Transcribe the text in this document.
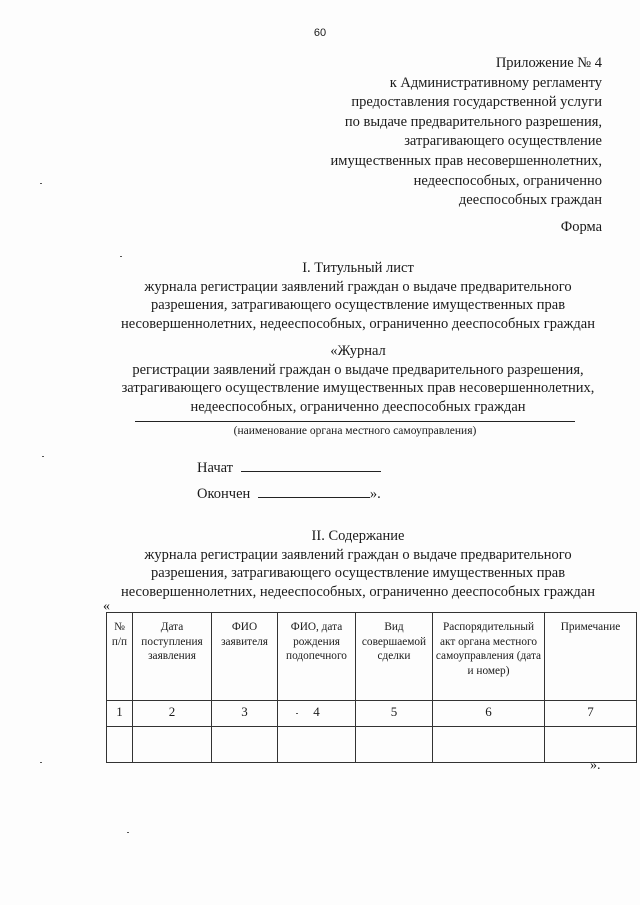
60
Приложение № 4
к Административному регламенту
предоставления государственной услуги
по выдаче предварительного разрешения,
затрагивающего осуществление
имущественных прав несовершеннолетних,
недееспособных, ограниченно
дееспособных граждан
Форма
I. Титульный лист
журнала регистрации заявлений граждан о выдаче предварительного
разрешения, затрагивающего осуществление имущественных прав
несовершеннолетних, недееспособных, ограниченно дееспособных граждан
«Журнал
регистрации заявлений граждан о выдаче предварительного разрешения,
затрагивающего осуществление имущественных прав несовершеннолетних,
недееспособных, ограниченно дееспособных граждан
(наименование органа местного самоуправления)
Начат
Окончен	».
II. Содержание
журнала регистрации заявлений граждан о выдаче предварительного
разрешения, затрагивающего осуществление имущественных прав
несовершеннолетних, недееспособных, ограниченно дееспособных граждан
«
№ п/п	Дата поступления заявления	ФИО заявителя	ФИО, дата рождения подопечного	Вид совершаемой сделки	Распорядительный акт органа местного самоуправления (дата и номер)	Примечание
1	2	3	4	5	6	7

».
